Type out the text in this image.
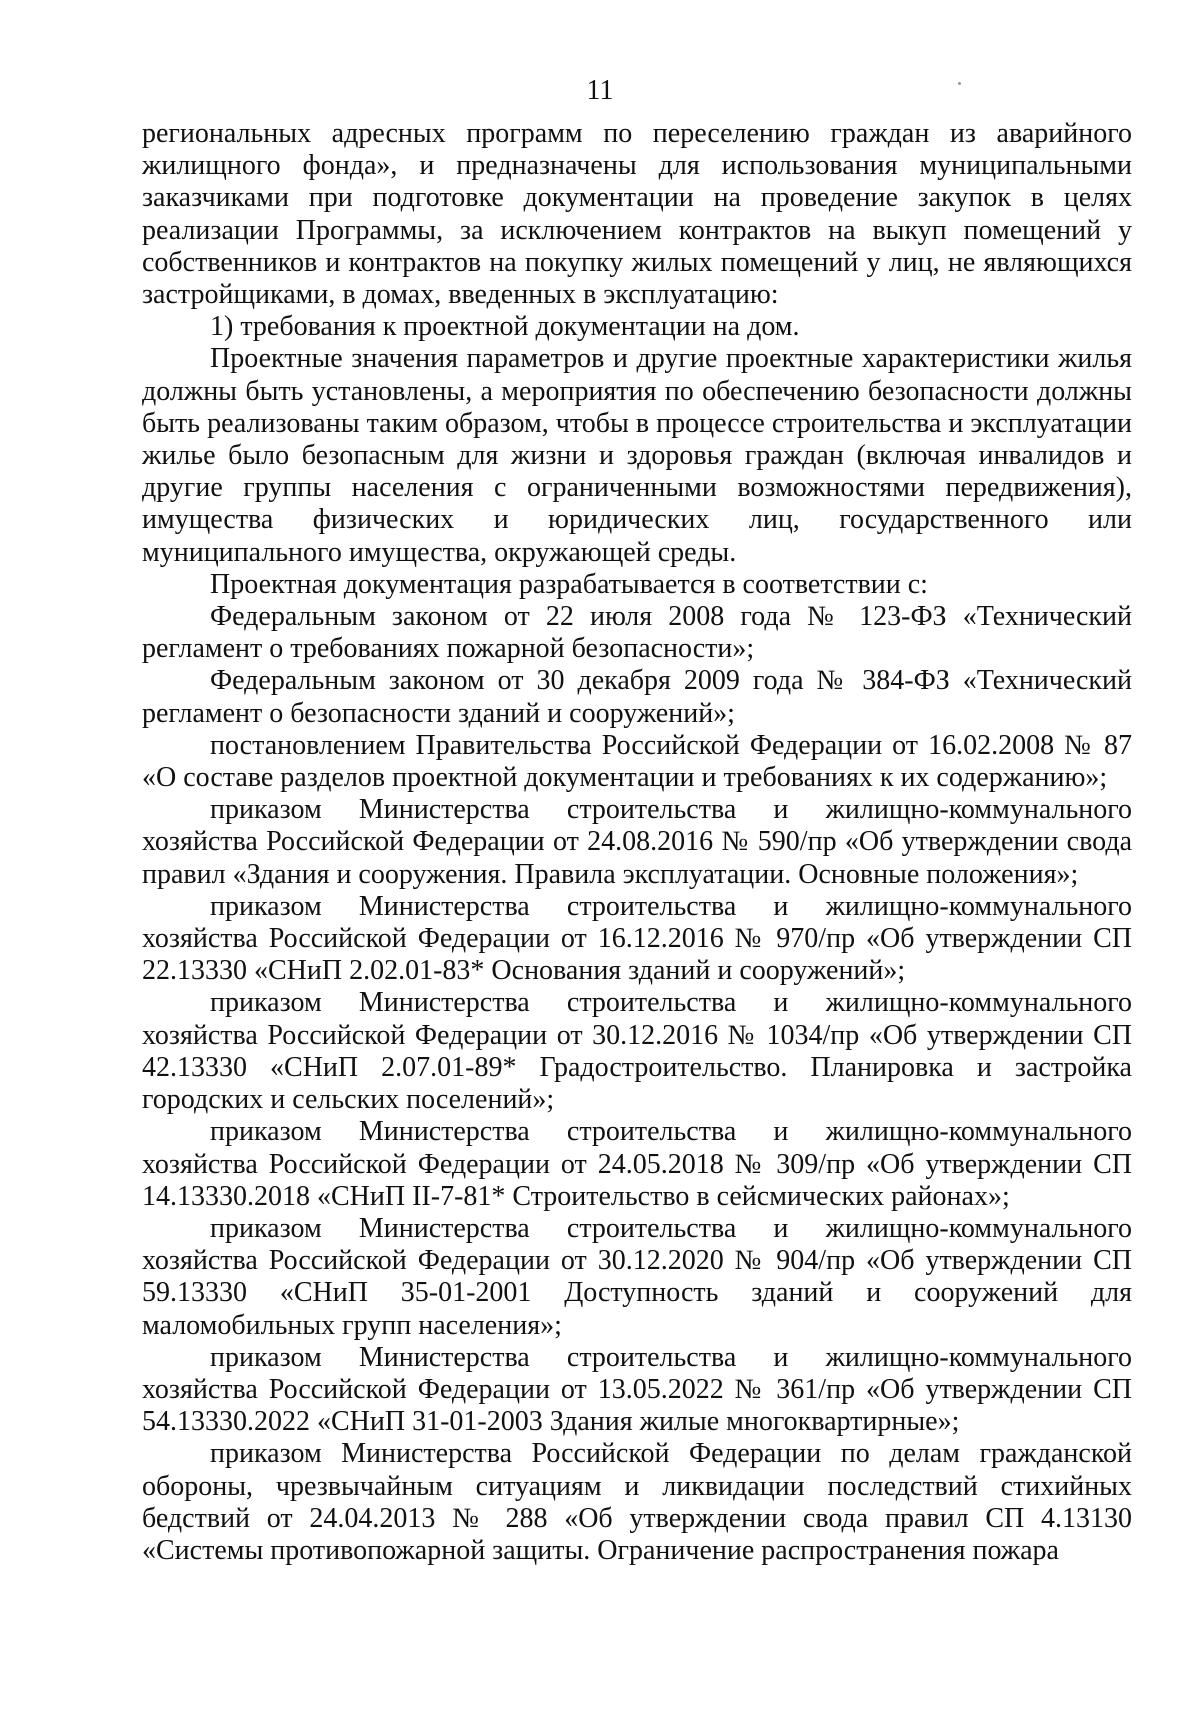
11

региональных адресных программ по переселению граждан из аварийного жилищного фонда», и предназначены для использования муниципальными заказчиками при подготовке документации на проведение закупок в целях реализации Программы, за исключением контрактов на выкуп помещений у собственников и контрактов на покупку жилых помещений у лиц, не являющихся застройщиками, в домах, введенных в эксплуатацию:

1) требования к проектной документации на дом.

Проектные значения параметров и другие проектные характеристики жилья должны быть установлены, а мероприятия по обеспечению безопасности должны быть реализованы таким образом, чтобы в процессе строительства и эксплуатации жилье было безопасным для жизни и здоровья граждан (включая инвалидов и другие группы населения с ограниченными возможностями передвижения), имущества физических и юридических лиц, государственного или муниципального имущества, окружающей среды.

Проектная документация разрабатывается в соответствии с:

Федеральным законом от 22 июля 2008 года № 123-ФЗ «Технический регламент о требованиях пожарной безопасности»;

Федеральным законом от 30 декабря 2009 года № 384-ФЗ «Технический регламент о безопасности зданий и сооружений»;

постановлением Правительства Российской Федерации от 16.02.2008 № 87 «О составе разделов проектной документации и требованиях к их содержанию»;

приказом Министерства строительства и жилищно-коммунального хозяйства Российской Федерации от 24.08.2016 № 590/пр «Об утверждении свода правил «Здания и сооружения. Правила эксплуатации. Основные положения»;

приказом Министерства строительства и жилищно-коммунального хозяйства Российской Федерации от 16.12.2016 № 970/пр «Об утверждении СП 22.13330 «СНиП 2.02.01-83* Основания зданий и сооружений»;

приказом Министерства строительства и жилищно-коммунального хозяйства Российской Федерации от 30.12.2016 № 1034/пр «Об утверждении СП 42.13330 «СНиП 2.07.01-89* Градостроительство. Планировка и застройка городских и сельских поселений»;

приказом Министерства строительства и жилищно-коммунального хозяйства Российской Федерации от 24.05.2018 № 309/пр «Об утверждении СП 14.13330.2018 «СНиП II-7-81* Строительство в сейсмических районах»;

приказом Министерства строительства и жилищно-коммунального хозяйства Российской Федерации от 30.12.2020 № 904/пр «Об утверждении СП 59.13330 «СНиП 35-01-2001 Доступность зданий и сооружений для маломобильных групп населения»;

приказом Министерства строительства и жилищно-коммунального хозяйства Российской Федерации от 13.05.2022 № 361/пр «Об утверждении СП 54.13330.2022 «СНиП 31-01-2003 Здания жилые многоквартирные»;

приказом Министерства Российской Федерации по делам гражданской обороны, чрезвычайным ситуациям и ликвидации последствий стихийных бедствий от 24.04.2013 № 288 «Об утверждении свода правил СП 4.13130 «Системы противопожарной защиты. Ограничение распространения пожара
